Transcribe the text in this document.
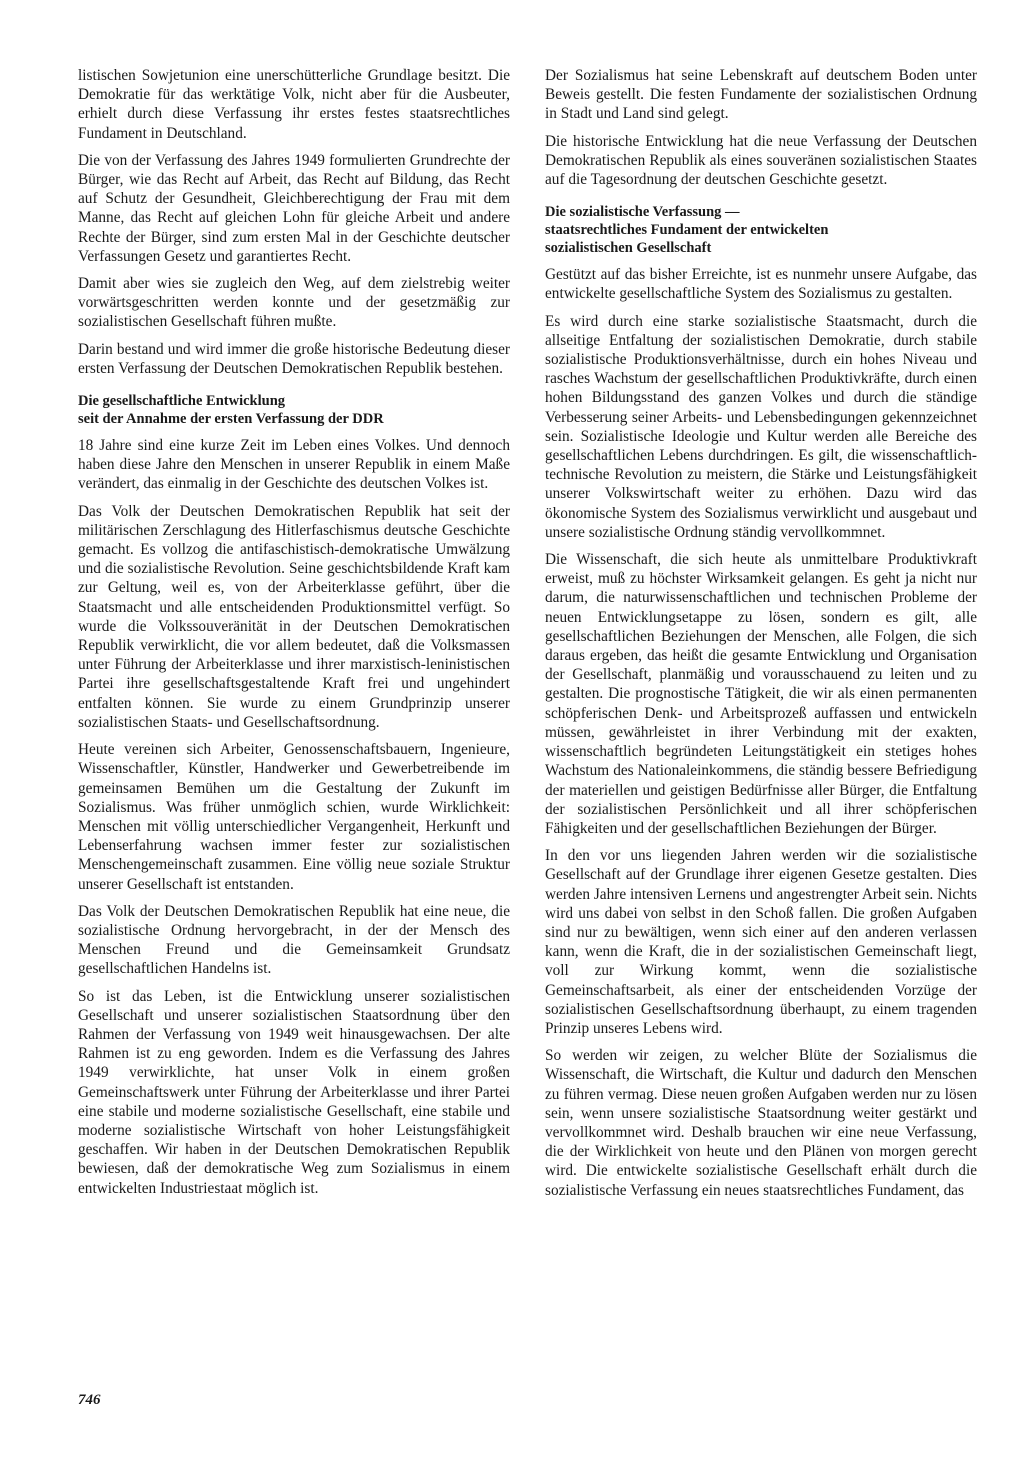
listischen Sowjetunion eine unerschütterliche Grundlage besitzt. Die Demokratie für das werktätige Volk, nicht aber für die Ausbeuter, erhielt durch diese Verfassung ihr erstes festes staatsrechtliches Fundament in Deutschland.

Die von der Verfassung des Jahres 1949 formulierten Grundrechte der Bürger, wie das Recht auf Arbeit, das Recht auf Bildung, das Recht auf Schutz der Gesundheit, Gleichberechtigung der Frau mit dem Manne, das Recht auf gleichen Lohn für gleiche Arbeit und andere Rechte der Bürger, sind zum ersten Mal in der Geschichte deutscher Verfassungen Gesetz und garantiertes Recht.

Damit aber wies sie zugleich den Weg, auf dem zielstrebig weiter vorwärtsgeschritten werden konnte und der gesetzmäßig zur sozialistischen Gesellschaft führen mußte.

Darin bestand und wird immer die große historische Bedeutung dieser ersten Verfassung der Deutschen Demokratischen Republik bestehen.

Die gesellschaftliche Entwicklung
seit der Annahme der ersten Verfassung der DDR

18 Jahre sind eine kurze Zeit im Leben eines Volkes. Und dennoch haben diese Jahre den Menschen in unserer Republik in einem Maße verändert, das einmalig in der Geschichte des deutschen Volkes ist.

Das Volk der Deutschen Demokratischen Republik hat seit der militärischen Zerschlagung des Hitlerfaschismus deutsche Geschichte gemacht. Es vollzog die antifaschistisch-demokratische Umwälzung und die sozialistische Revolution. Seine geschichtsbildende Kraft kam zur Geltung, weil es, von der Arbeiterklasse geführt, über die Staatsmacht und alle entscheidenden Produktionsmittel verfügt. So wurde die Volkssouveränität in der Deutschen Demokratischen Republik verwirklicht, die vor allem bedeutet, daß die Volksmassen unter Führung der Arbeiterklasse und ihrer marxistisch-leninistischen Partei ihre gesellschaftsgestaltende Kraft frei und ungehindert entfalten können. Sie wurde zu einem Grundprinzip unserer sozialistischen Staats- und Gesellschaftsordnung.

Heute vereinen sich Arbeiter, Genossenschaftsbauern, Ingenieure, Wissenschaftler, Künstler, Handwerker und Gewerbetreibende im gemeinsamen Bemühen um die Gestaltung der Zukunft im Sozialismus. Was früher unmöglich schien, wurde Wirklichkeit: Menschen mit völlig unterschiedlicher Vergangenheit, Herkunft und Lebenserfahrung wachsen immer fester zur sozialistischen Menschengemeinschaft zusammen. Eine völlig neue soziale Struktur unserer Gesellschaft ist entstanden.

Das Volk der Deutschen Demokratischen Republik hat eine neue, die sozialistische Ordnung hervorgebracht, in der der Mensch des Menschen Freund und die Gemeinsamkeit Grundsatz gesellschaftlichen Handelns ist.

So ist das Leben, ist die Entwicklung unserer sozialistischen Gesellschaft und unserer sozialistischen Staatsordnung über den Rahmen der Verfassung von 1949 weit hinausgewachsen. Der alte Rahmen ist zu eng geworden. Indem es die Verfassung des Jahres 1949 verwirklichte, hat unser Volk in einem großen Gemeinschaftswerk unter Führung der Arbeiterklasse und ihrer Partei eine stabile und moderne sozialistische Gesellschaft, eine stabile und moderne sozialistische Wirtschaft von hoher Leistungsfähigkeit geschaffen. Wir haben in der Deutschen Demokratischen Republik bewiesen, daß der demokratische Weg zum Sozialismus in einem entwickelten Industriestaat möglich ist.

Der Sozialismus hat seine Lebenskraft auf deutschem Boden unter Beweis gestellt. Die festen Fundamente der sozialistischen Ordnung in Stadt und Land sind gelegt.

Die historische Entwicklung hat die neue Verfassung der Deutschen Demokratischen Republik als eines souveränen sozialistischen Staates auf die Tagesordnung der deutschen Geschichte gesetzt.

Die sozialistische Verfassung —
staatsrechtliches Fundament der entwickelten
sozialistischen Gesellschaft

Gestützt auf das bisher Erreichte, ist es nunmehr unsere Aufgabe, das entwickelte gesellschaftliche System des Sozialismus zu gestalten.

Es wird durch eine starke sozialistische Staatsmacht, durch die allseitige Entfaltung der sozialistischen Demokratie, durch stabile sozialistische Produktionsverhältnisse, durch ein hohes Niveau und rasches Wachstum der gesellschaftlichen Produktivkräfte, durch einen hohen Bildungsstand des ganzen Volkes und durch die ständige Verbesserung seiner Arbeits- und Lebensbedingungen gekennzeichnet sein. Sozialistische Ideologie und Kultur werden alle Bereiche des gesellschaftlichen Lebens durchdringen. Es gilt, die wissenschaftlich-technische Revolution zu meistern, die Stärke und Leistungsfähigkeit unserer Volkswirtschaft weiter zu erhöhen. Dazu wird das ökonomische System des Sozialismus verwirklicht und ausgebaut und unsere sozialistische Ordnung ständig vervollkommnet.

Die Wissenschaft, die sich heute als unmittelbare Produktivkraft erweist, muß zu höchster Wirksamkeit gelangen. Es geht ja nicht nur darum, die naturwissenschaftlichen und technischen Probleme der neuen Entwicklungsetappe zu lösen, sondern es gilt, alle gesellschaftlichen Beziehungen der Menschen, alle Folgen, die sich daraus ergeben, das heißt die gesamte Entwicklung und Organisation der Gesellschaft, planmäßig und vorausschauend zu leiten und zu gestalten. Die prognostische Tätigkeit, die wir als einen permanenten schöpferischen Denk- und Arbeitsprozeß auffassen und entwickeln müssen, gewährleistet in ihrer Verbindung mit der exakten, wissenschaftlich begründeten Leitungstätigkeit ein stetiges hohes Wachstum des Nationaleinkommens, die ständig bessere Befriedigung der materiellen und geistigen Bedürfnisse aller Bürger, die Entfaltung der sozialistischen Persönlichkeit und all ihrer schöpferischen Fähigkeiten und der gesellschaftlichen Beziehungen der Bürger.

In den vor uns liegenden Jahren werden wir die sozialistische Gesellschaft auf der Grundlage ihrer eigenen Gesetze gestalten. Dies werden Jahre intensiven Lernens und angestrengter Arbeit sein. Nichts wird uns dabei von selbst in den Schoß fallen. Die großen Aufgaben sind nur zu bewältigen, wenn sich einer auf den anderen verlassen kann, wenn die Kraft, die in der sozialistischen Gemeinschaft liegt, voll zur Wirkung kommt, wenn die sozialistische Gemeinschaftsarbeit, als einer der entscheidenden Vorzüge der sozialistischen Gesellschaftsordnung überhaupt, zu einem tragenden Prinzip unseres Lebens wird.

So werden wir zeigen, zu welcher Blüte der Sozialismus die Wissenschaft, die Wirtschaft, die Kultur und dadurch den Menschen zu führen vermag. Diese neuen großen Aufgaben werden nur zu lösen sein, wenn unsere sozialistische Staatsordnung weiter gestärkt und vervollkommnet wird. Deshalb brauchen wir eine neue Verfassung, die der Wirklichkeit von heute und den Plänen von morgen gerecht wird. Die entwickelte sozialistische Gesellschaft erhält durch die sozialistische Verfassung ein neues staatsrechtliches Fundament, das

746
